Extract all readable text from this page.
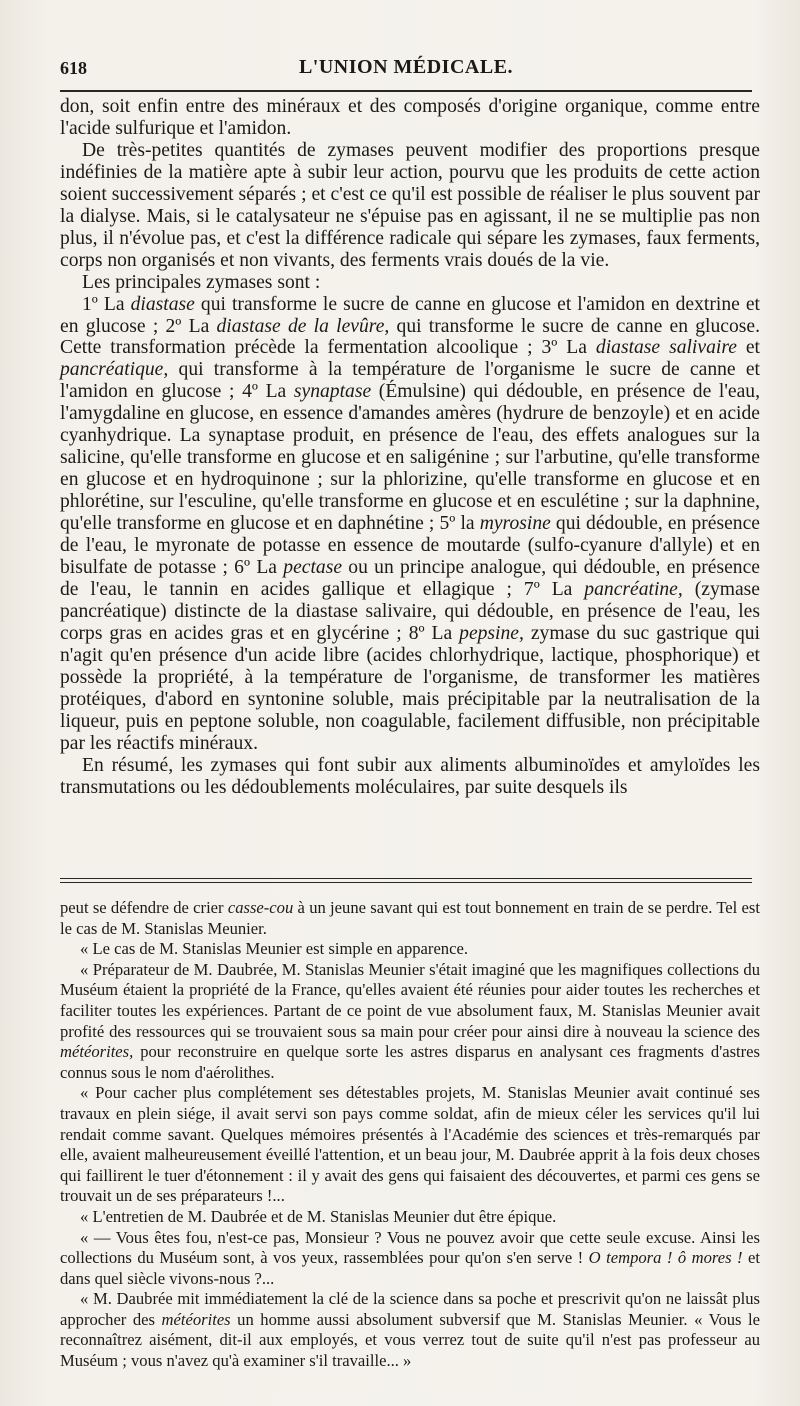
618	L'UNION MÉDICALE.

don, soit enfin entre des minéraux et des composés d'origine organique, comme entre l'acide sulfurique et l'amidon.

De très-petites quantités de zymases peuvent modifier des proportions presque indéfinies de la matière apte à subir leur action, pourvu que les produits de cette action soient successivement séparés ; et c'est ce qu'il est possible de réaliser le plus souvent par la dialyse. Mais, si le catalysateur ne s'épuise pas en agissant, il ne se multiplie pas non plus, il n'évolue pas, et c'est la différence radicale qui sépare les zymases, faux ferments, corps non organisés et non vivants, des ferments vrais doués de la vie.

Les principales zymases sont :

1º La diastase qui transforme le sucre de canne en glucose et l'amidon en dextrine et en glucose ; 2º La diastase de la levûre, qui transforme le sucre de canne en glucose. Cette transformation précède la fermentation alcoolique ; 3º La diastase salivaire et pancréatique, qui transforme à la température de l'organisme le sucre de canne et l'amidon en glucose ; 4º La synaptase (Émulsine) qui dédouble, en présence de l'eau, l'amygdaline en glucose, en essence d'amandes amères (hydrure de benzoyle) et en acide cyanhydrique. La synaptase produit, en présence de l'eau, des effets analogues sur la salicine, qu'elle transforme en glucose et en saligénine ; sur l'arbutine, qu'elle transforme en glucose et en hydroquinone ; sur la phlorizine, qu'elle transforme en glucose et en phlorétine, sur l'esculine, qu'elle transforme en glucose et en esculétine ; sur la daphnine, qu'elle transforme en glucose et en daphnétine ; 5º la myrosine qui dédouble, en présence de l'eau, le myronate de potasse en essence de moutarde (sulfo-cyanure d'allyle) et en bisulfate de potasse ; 6º La pectase ou un principe analogue, qui dédouble, en présence de l'eau, le tannin en acides gallique et ellagique ; 7º La pancréatine, (zymase pancréatique) distincte de la diastase salivaire, qui dédouble, en présence de l'eau, les corps gras en acides gras et en glycérine ; 8º La pepsine, zymase du suc gastrique qui n'agit qu'en présence d'un acide libre (acides chlorhydrique, lactique, phosphorique) et possède la propriété, à la température de l'organisme, de transformer les matières protéiques, d'abord en syntonine soluble, mais précipitable par la neutralisation de la liqueur, puis en peptone soluble, non coagulable, facilement diffusible, non précipitable par les réactifs minéraux.

En résumé, les zymases qui font subir aux aliments albuminoïdes et amyloïdes les transmutations ou les dédoublements moléculaires, par suite desquels ils

peut se défendre de crier casse-cou à un jeune savant qui est tout bonnement en train de se perdre. Tel est le cas de M. Stanislas Meunier.

« Le cas de M. Stanislas Meunier est simple en apparence.

« Préparateur de M. Daubrée, M. Stanislas Meunier s'était imaginé que les magnifiques collections du Muséum étaient la propriété de la France, qu'elles avaient été réunies pour aider toutes les recherches et faciliter toutes les expériences. Partant de ce point de vue absolument faux, M. Stanislas Meunier avait profité des ressources qui se trouvaient sous sa main pour créer pour ainsi dire à nouveau la science des météorites, pour reconstruire en quelque sorte les astres disparus en analysant ces fragments d'astres connus sous le nom d'aérolithes.

« Pour cacher plus complétement ses détestables projets, M. Stanislas Meunier avait continué ses travaux en plein siége, il avait servi son pays comme soldat, afin de mieux céler les services qu'il lui rendait comme savant. Quelques mémoires présentés à l'Académie des sciences et très-remarqués par elle, avaient malheureusement éveillé l'attention, et un beau jour, M. Daubrée apprit à la fois deux choses qui faillirent le tuer d'étonnement : il y avait des gens qui faisaient des découvertes, et parmi ces gens se trouvait un de ses préparateurs !...

« L'entretien de M. Daubrée et de M. Stanislas Meunier dut être épique.

« — Vous êtes fou, n'est-ce pas, Monsieur ? Vous ne pouvez avoir que cette seule excuse. Ainsi les collections du Muséum sont, à vos yeux, rassemblées pour qu'on s'en serve ! O tempora ! ô mores ! et dans quel siècle vivons-nous ?...

« M. Daubrée mit immédiatement la clé de la science dans sa poche et prescrivit qu'on ne laissât plus approcher des météorites un homme aussi absolument subversif que M. Stanislas Meunier. « Vous le reconnaîtrez aisément, dit-il aux employés, et vous verrez tout de suite qu'il n'est pas professeur au Muséum ; vous n'avez qu'à examiner s'il travaille... »
